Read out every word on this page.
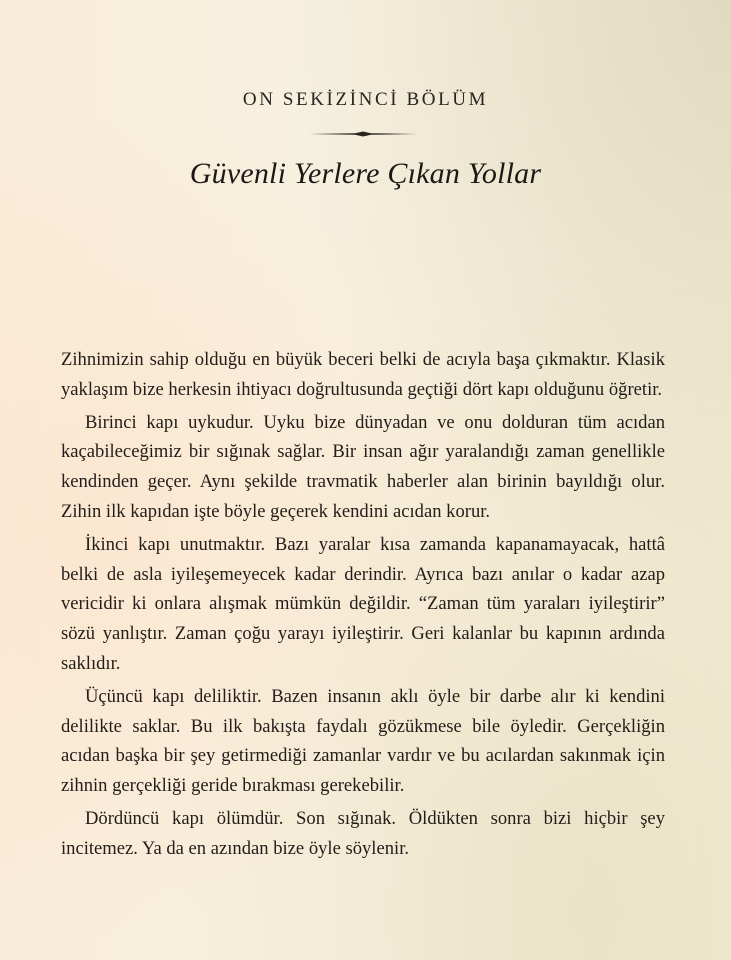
ON SEKİZİNCİ BÖLÜM
Güvenli Yerlere Çıkan Yollar

Zihnimizin sahip olduğu en büyük beceri belki de acıyla başa çıkmaktır. Klasik yaklaşım bize herkesin ihtiyacı doğrultusunda geçtiği dört kapı olduğunu öğretir.

Birinci kapı uykudur. Uyku bize dünyadan ve onu dolduran tüm acıdan kaçabileceğimiz bir sığınak sağlar. Bir insan ağır yaralandığı zaman genellikle kendinden geçer. Aynı şekilde travmatik haberler alan birinin bayıldığı olur. Zihin ilk kapıdan işte böyle geçerek kendini acıdan korur.

İkinci kapı unutmaktır. Bazı yaralar kısa zamanda kapanamayacak, hattâ belki de asla iyileşemeyecek kadar derindir. Ayrıca bazı anılar o kadar azap vericidir ki onlara alışmak mümkün değildir. “Zaman tüm yaraları iyileştirir” sözü yanlıştır. Zaman çoğu yarayı iyileştirir. Geri kalanlar bu kapının ardında saklıdır.

Üçüncü kapı deliliktir. Bazen insanın aklı öyle bir darbe alır ki kendini delilikte saklar. Bu ilk bakışta faydalı gözükmese bile öyledir. Gerçekliğin acıdan başka bir şey getirmediği zamanlar vardır ve bu acılardan sakınmak için zihnin gerçekliği geride bırakması gerekebilir.

Dördüncü kapı ölümdür. Son sığınak. Öldükten sonra bizi hiçbir şey incitemez. Ya da en azından bize öyle söylenir.
